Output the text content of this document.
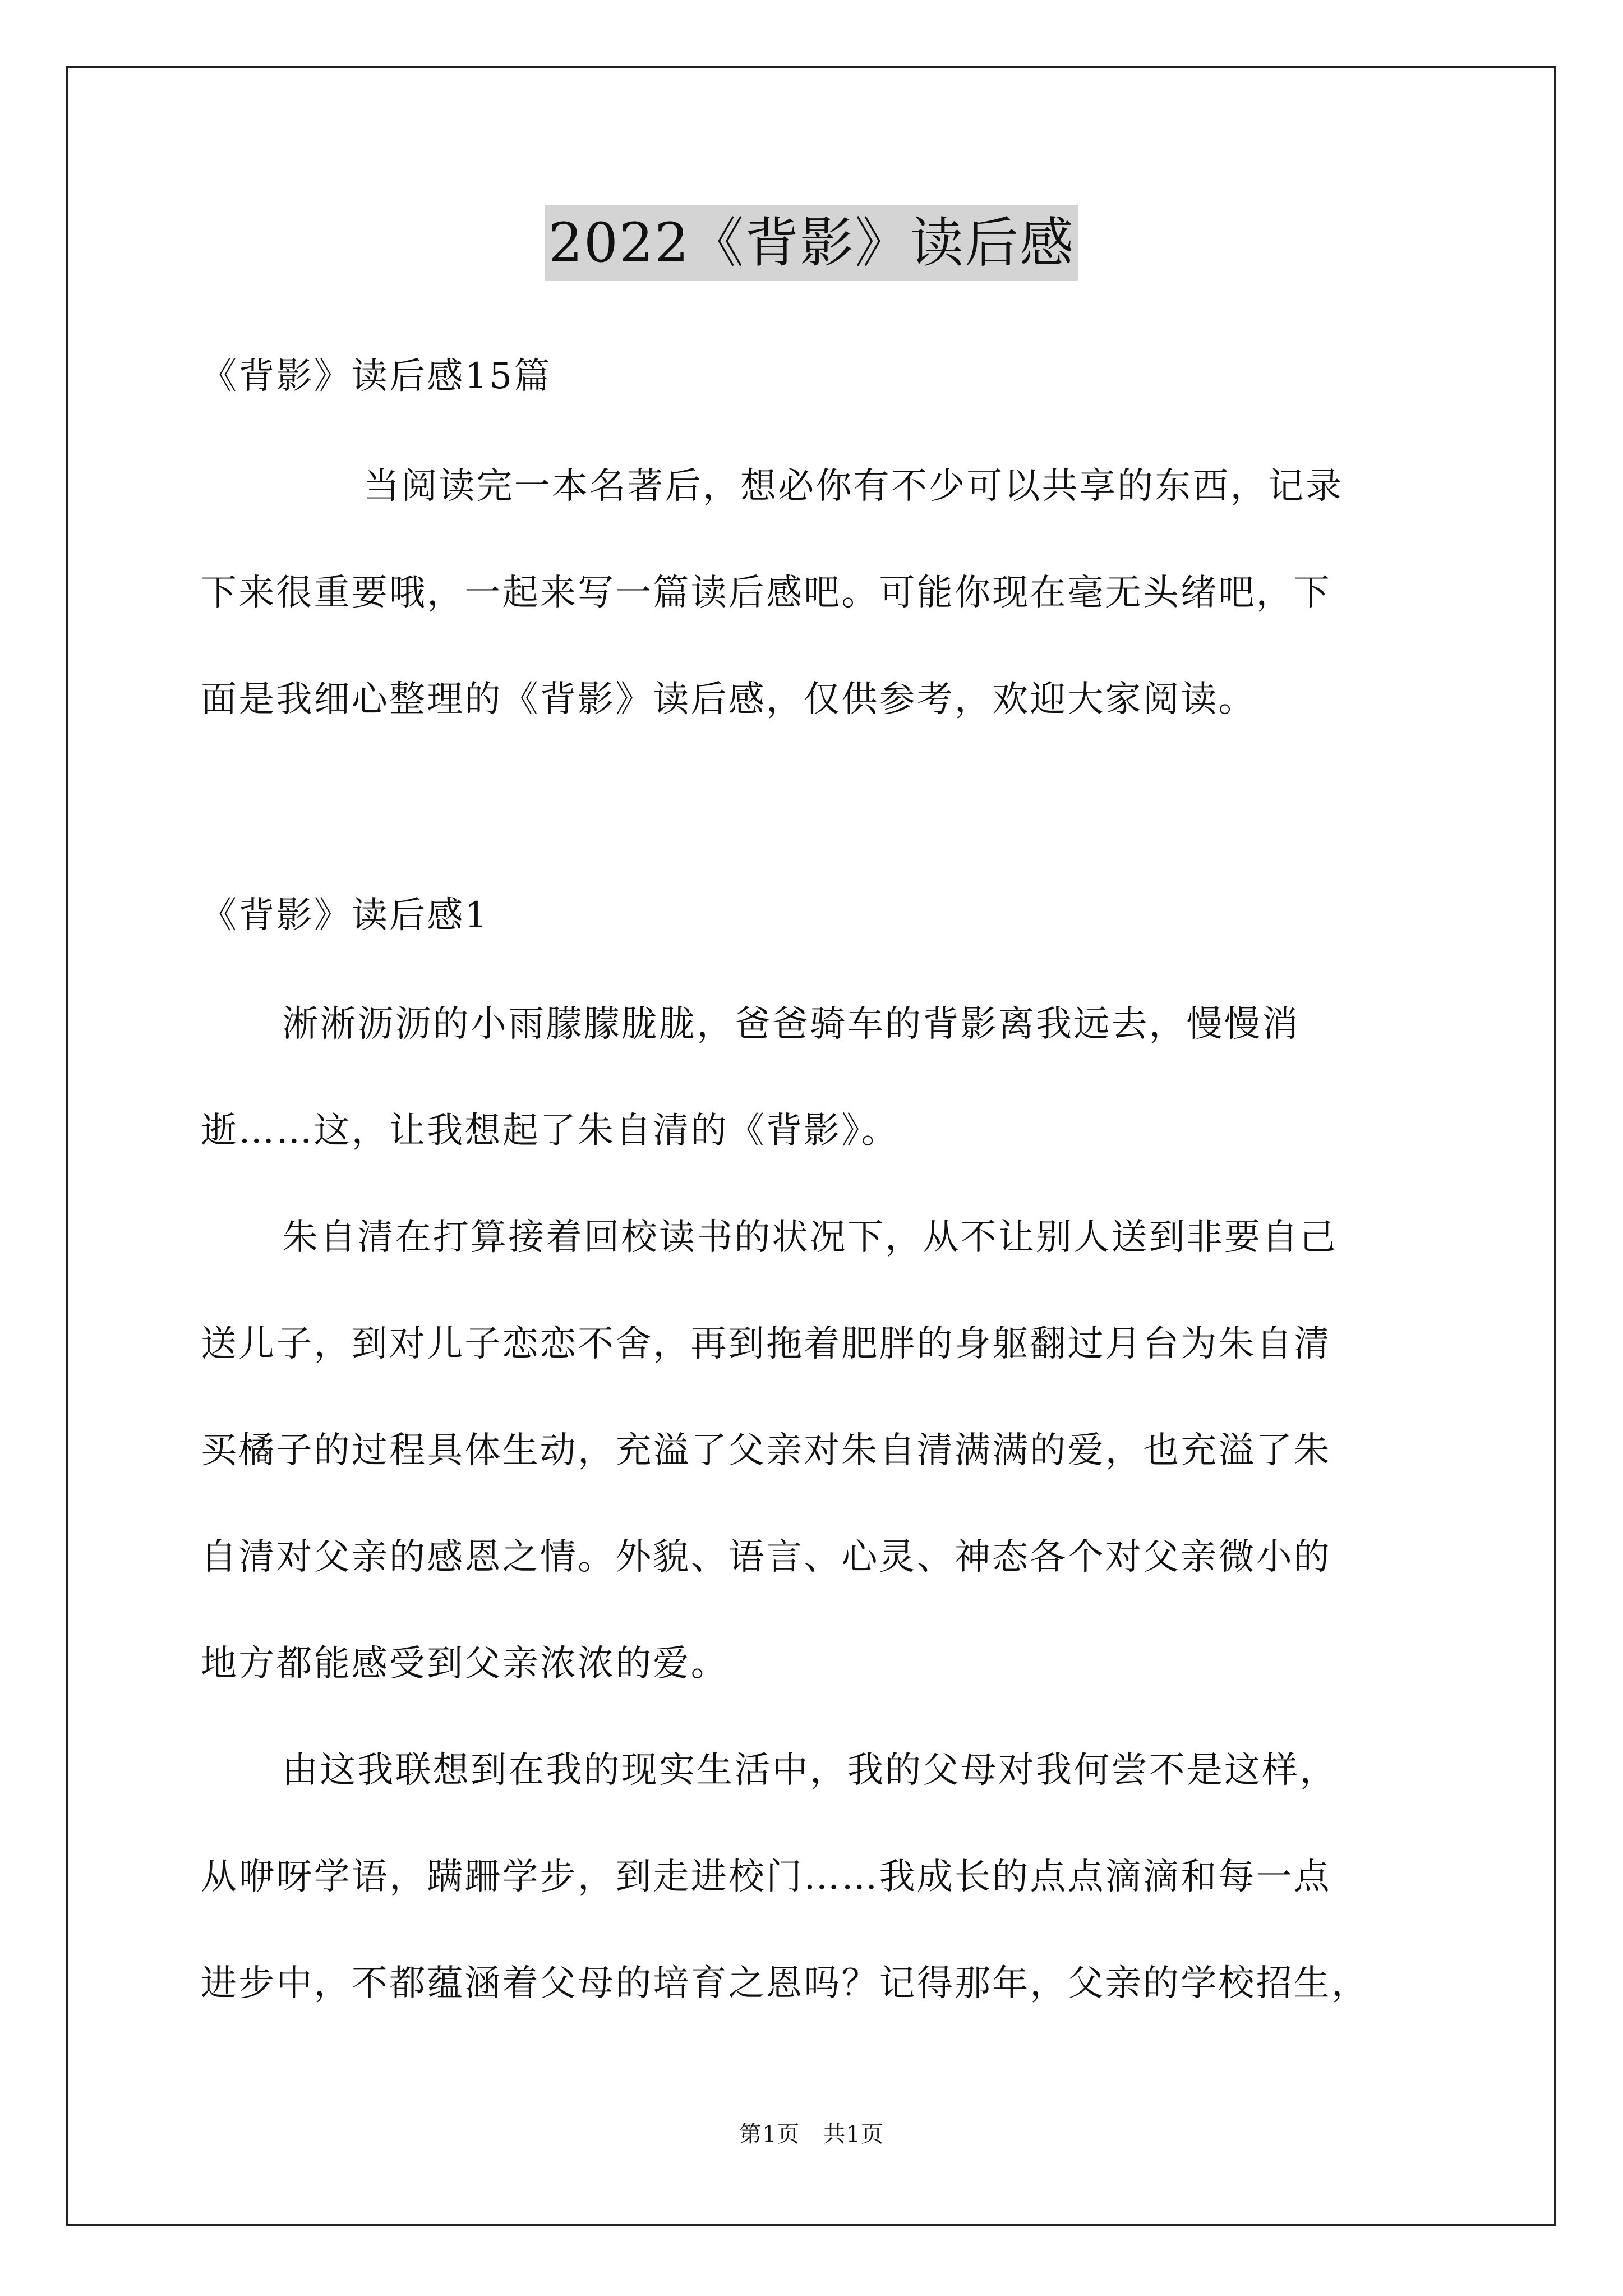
2022《背影》读后感
《背影》读后感15篇
当阅读完一本名著后，想必你有不少可以共享的东西，记录
下来很重要哦，一起来写一篇读后感吧。可能你现在毫无头绪吧，下
面是我细心整理的《背影》读后感，仅供参考，欢迎大家阅读。
《背影》读后感1
淅淅沥沥的小雨朦朦胧胧，爸爸骑车的背影离我远去，慢慢消
逝……这，让我想起了朱自清的《背影》。
朱自清在打算接着回校读书的状况下，从不让别人送到非要自己
送儿子，到对儿子恋恋不舍，再到拖着肥胖的身躯翻过月台为朱自清
买橘子的过程具体生动，充溢了父亲对朱自清满满的爱，也充溢了朱
自清对父亲的感恩之情。外貌、语言、心灵、神态各个对父亲微小的
地方都能感受到父亲浓浓的爱。
由这我联想到在我的现实生活中，我的父母对我何尝不是这样，
从咿呀学语，蹒跚学步，到走进校门……我成长的点点滴滴和每一点
进步中，不都蕴涵着父母的培育之恩吗？记得那年，父亲的学校招生，
第1页　共1页
